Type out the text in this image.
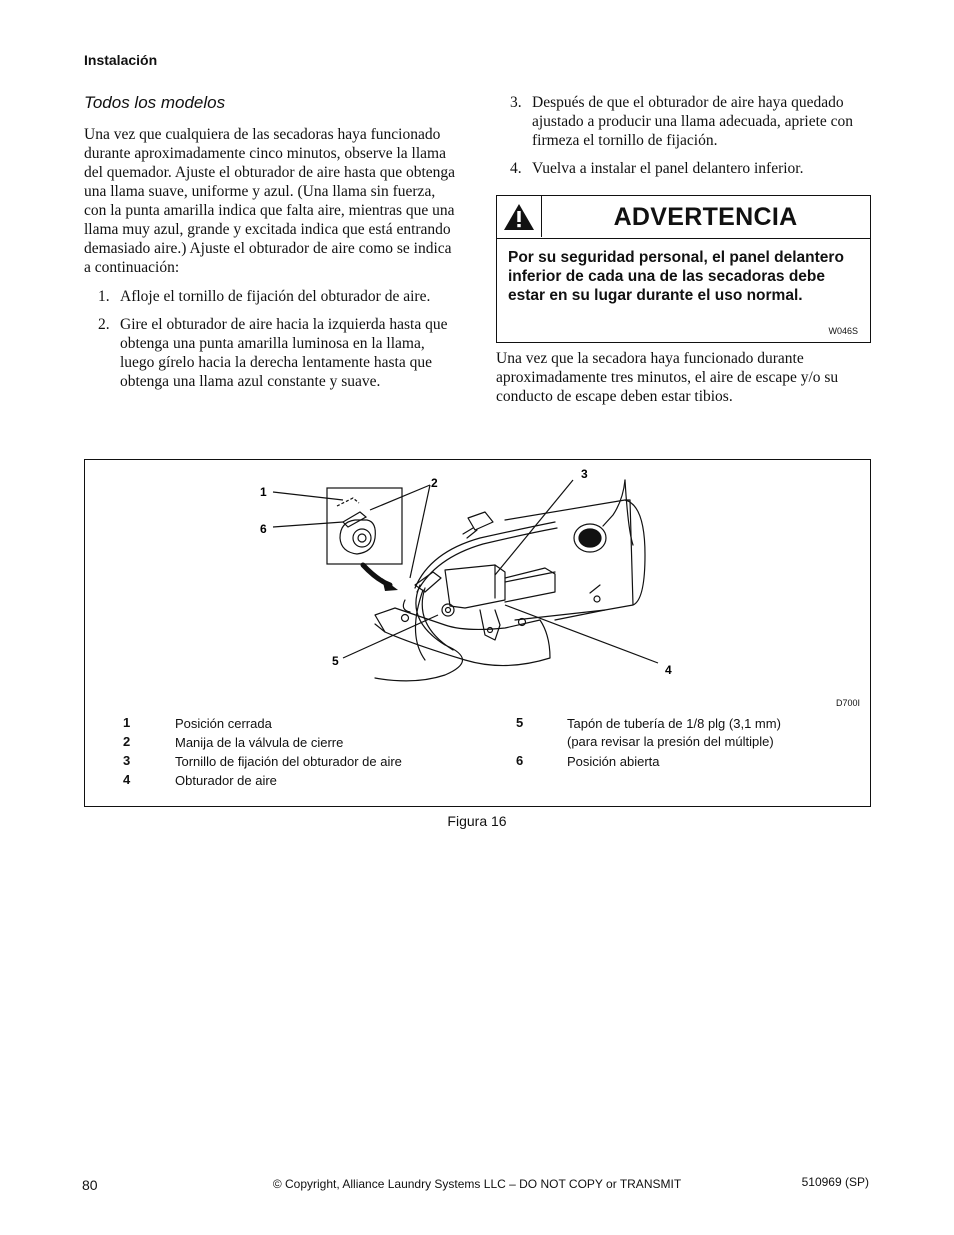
Instalación

Todos los modelos

Una vez que cualquiera de las secadoras haya funcionado durante aproximadamente cinco minutos, observe la llama del quemador. Ajuste el obturador de aire hasta que obtenga una llama suave, uniforme y azul. (Una llama sin fuerza, con la punta amarilla indica que falta aire, mientras que una llama muy azul, grande y excitada indica que está entrando demasiado aire.) Ajuste el obturador de aire como se indica a continuación:

1. Afloje el tornillo de fijación del obturador de aire.
2. Gire el obturador de aire hacia la izquierda hasta que obtenga una punta amarilla luminosa en la llama, luego gírelo hacia la derecha lentamente hasta que obtenga una llama azul constante y suave.
3. Después de que el obturador de aire haya quedado ajustado a producir una llama adecuada, apriete con firmeza el tornillo de fijación.
4. Vuelva a instalar el panel delantero inferior.
ADVERTENCIA
Por su seguridad personal, el panel delantero inferior de cada una de las secadoras debe estar en su lugar durante el uso normal.
W046S

Una vez que la secadora haya funcionado durante aproximadamente tres minutos, el aire de escape y/o su conducto de escape deben estar tibios.

1
2
3
4
5
6
D700I
1	Posición cerrada
2	Manija de la válvula de cierre
3	Tornillo de fijación del obturador de aire
4	Obturador de aire
5	Tapón de tubería de 1/8 plg (3,1 mm)
(para revisar la presión del múltiple)
6	Posición abierta
Figura 16
80	© Copyright, Alliance Laundry Systems LLC – DO NOT COPY or TRANSMIT	510969 (SP)
